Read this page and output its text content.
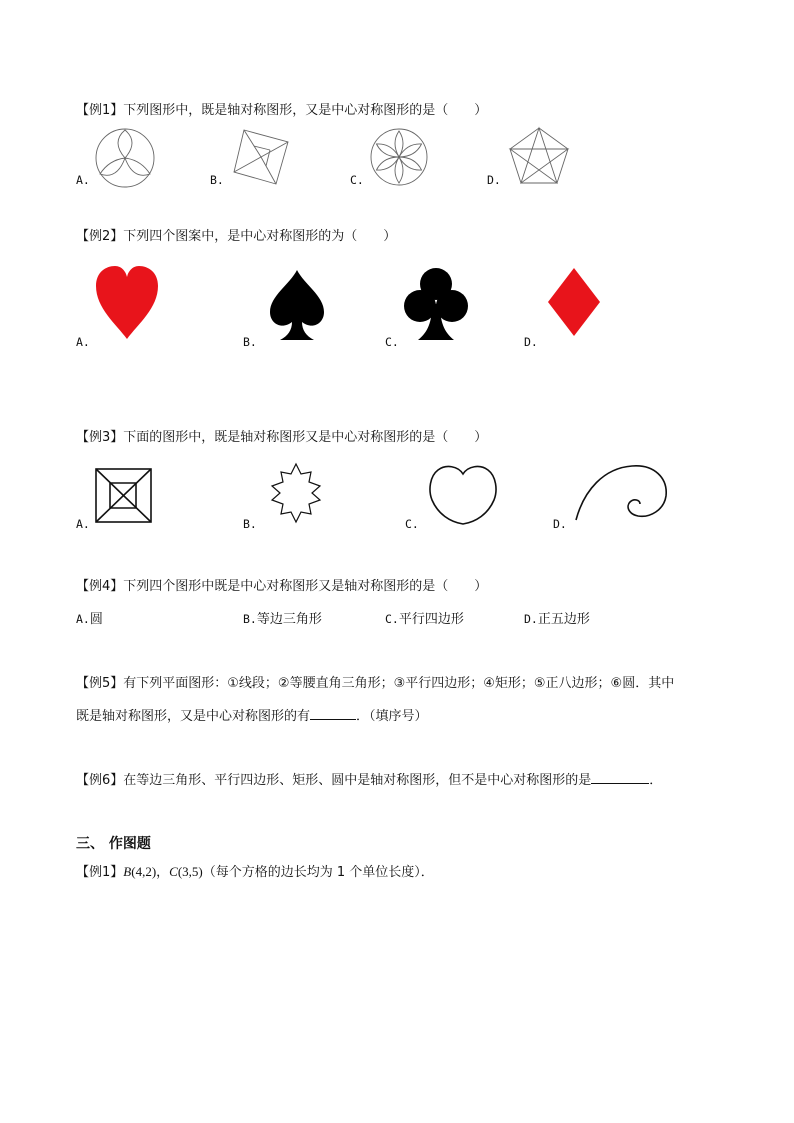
【例1】下列图形中，既是轴对称图形，又是中心对称图形的是（　　）
A.	B.	C.	D.
【例2】下列四个图案中，是中心对称图形的为（　　）
A.	B.	C.	D.
【例3】下面的图形中，既是轴对称图形又是中心对称图形的是（　　）
A.	B.	C.	D.
【例4】下列四个图形中既是中心对称图形又是轴对称图形的是（　　）
A.圆	B.等边三角形	C.平行四边形	D.正五边形
【例5】有下列平面图形：①线段；②等腰直角三角形；③平行四边形；④矩形；⑤正八边形；⑥圆．其中
既是轴对称图形，又是中心对称图形的有	．（填序号）
【例6】在等边三角形、平行四边形、矩形、圆中是轴对称图形，但不是中心对称图形的是	．
三、 作图题
【例1】B(4,2)，C(3,5)（每个方格的边长均为 1 个单位长度）．
